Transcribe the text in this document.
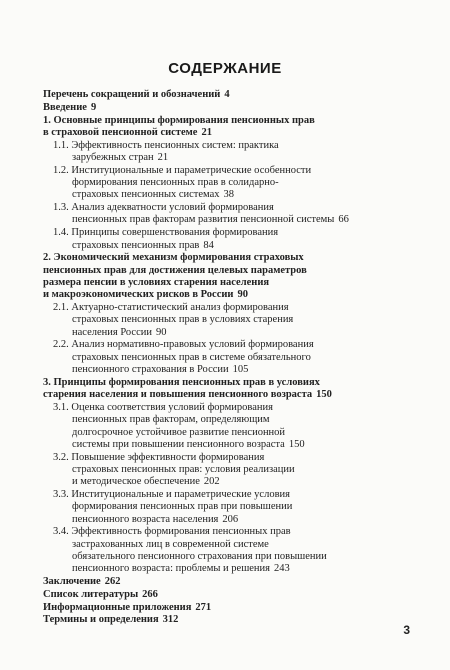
СОДЕРЖАНИЕ
Перечень сокращений и обозначений 4
Введение 9
1. Основные принципы формирования пенсионных прав
в страховой пенсионной системе 21
1.1. Эффективность пенсионных систем: практика
зарубежных стран 21
1.2. Институциональные и параметрические особенности
формирования пенсионных прав в солидарно-
страховых пенсионных системах 38
1.3. Анализ адекватности условий формирования
пенсионных прав факторам развития пенсионной системы 66
1.4. Принципы совершенствования формирования
страховых пенсионных прав 84
2. Экономический механизм формирования страховых
пенсионных прав для достижения целевых параметров
размера пенсии в условиях старения населения
и макроэкономических рисков в России 90
2.1. Актуарно-статистический анализ формирования
страховых пенсионных прав в условиях старения
населения России 90
2.2. Анализ нормативно-правовых условий формирования
страховых пенсионных прав в системе обязательного
пенсионного страхования в России 105
3. Принципы формирования пенсионных прав в условиях
старения населения и повышения пенсионного возраста 150
3.1. Оценка соответствия условий формирования
пенсионных прав факторам, определяющим
долгосрочное устойчивое развитие пенсионной
системы при повышении пенсионного возраста 150
3.2. Повышение эффективности формирования
страховых пенсионных прав: условия реализации
и методическое обеспечение 202
3.3. Институциональные и параметрические условия
формирования пенсионных прав при повышении
пенсионного возраста населения 206
3.4. Эффективность формирования пенсионных прав
застрахованных лиц в современной системе
обязательного пенсионного страхования при повышении
пенсионного возраста: проблемы и решения 243
Заключение 262
Список литературы 266
Информационные приложения 271
Термины и определения 312
3
